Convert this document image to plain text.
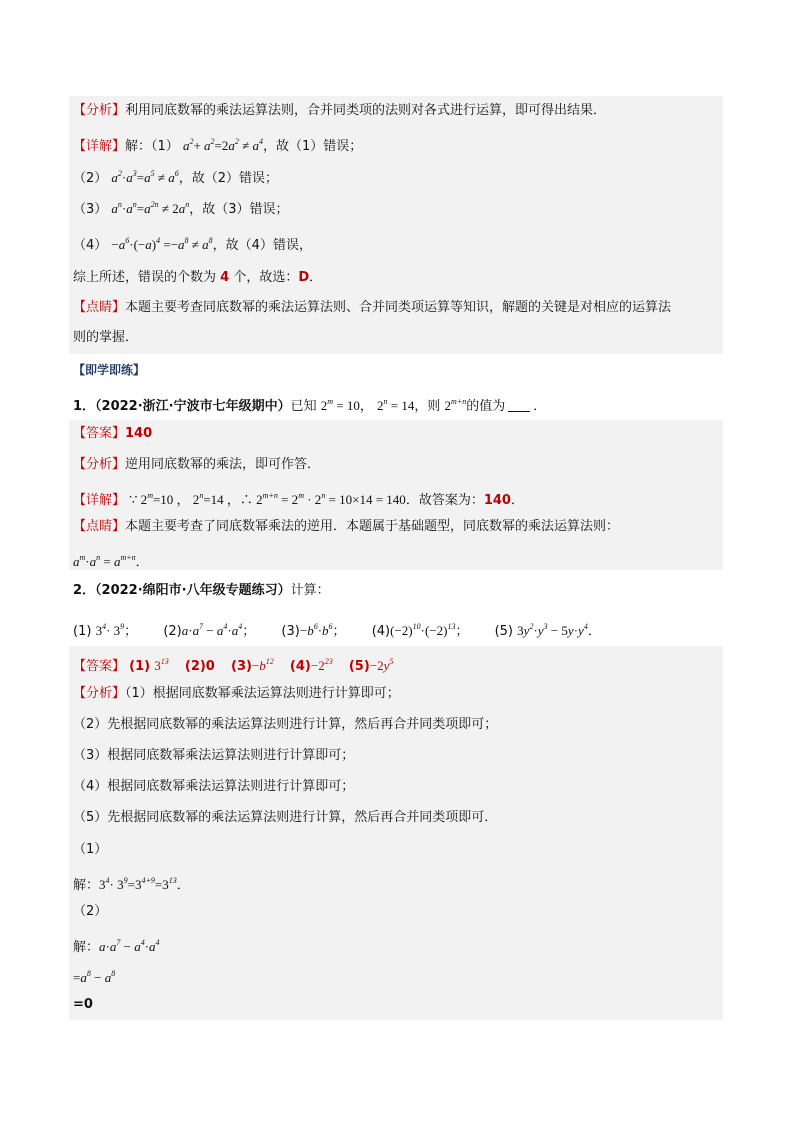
【分析】利用同底数幂的乘法运算法则，合并同类项的法则对各式进行运算，即可得出结果．
【详解】解：（1） $a^2+ a^2=2a^2 \ne a^4$，故（1）错误；
（2） $a^2\cdot a^3=a^5 \ne a^6$，故（2）错误；
（3） $a^n\cdot a^n=a^{2n} \ne 2a^n$，故（3）错误；
$(4) -a^6\cdot(-a)^4 =-a^8 \ne a^8$，故（4）错误，
综上所述，错误的个数为 4 个，故选：D．
【点睛】本题主要考查同底数幂的乘法运算法则、合并同类项运算等知识，解题的关键是对相应的运算法
则的掌握．
【即学即练】
1．（2022·浙江·宁波市七年级期中）已知 $2^m = 10$， $2^n = 14$，则 $2^{m+n}$的值为 ．
【答案】140
【分析】逆用同底数幂的乘法，即可作答．
【详解】 ∵ $2^m=10$ ， $2^n=14$ ，∴ $2^{m+n} = 2^m \cdot 2^n = 10\times 14 = 140$．故答案为：140．
【点睛】本题主要考查了同底数幂乘法的逆用．本题属于基础题型，同底数幂的乘法运算法则：
$a^m\cdot a^n = a^{m+n}$．
2．（2022·绵阳市·八年级专题练习）计算：
(1) $3^4\cdot 3^9$； $(2)a\cdot a^7 - a^4\cdot a^4$； $(3)-b^6\cdot b^6$； $(4)(-2)^{10}\cdot(-2)^{13}$； (5) $3y^2\cdot y^3 - 5y\cdot y^4$．
【答案】 (1) $3^{13}$ (2)0 $(3)-b^{12}$ $(4)-2^{23}$ $(5)-2y^5$
【分析】（1）根据同底数幂乘法运算法则进行计算即可；
（2）先根据同底数幂的乘法运算法则进行计算，然后再合并同类项即可；
（3）根据同底数幂乘法运算法则进行计算即可；
（4）根据同底数幂乘法运算法则进行计算即可；
（5）先根据同底数幂的乘法运算法则进行计算，然后再合并同类项即可．
（1）
解：$3^4\cdot 3^9=3^{4+9}=3^{13}$．
（2）
解：$a\cdot a^7 - a^4\cdot a^4$
$=a^8 - a^8$
=0
